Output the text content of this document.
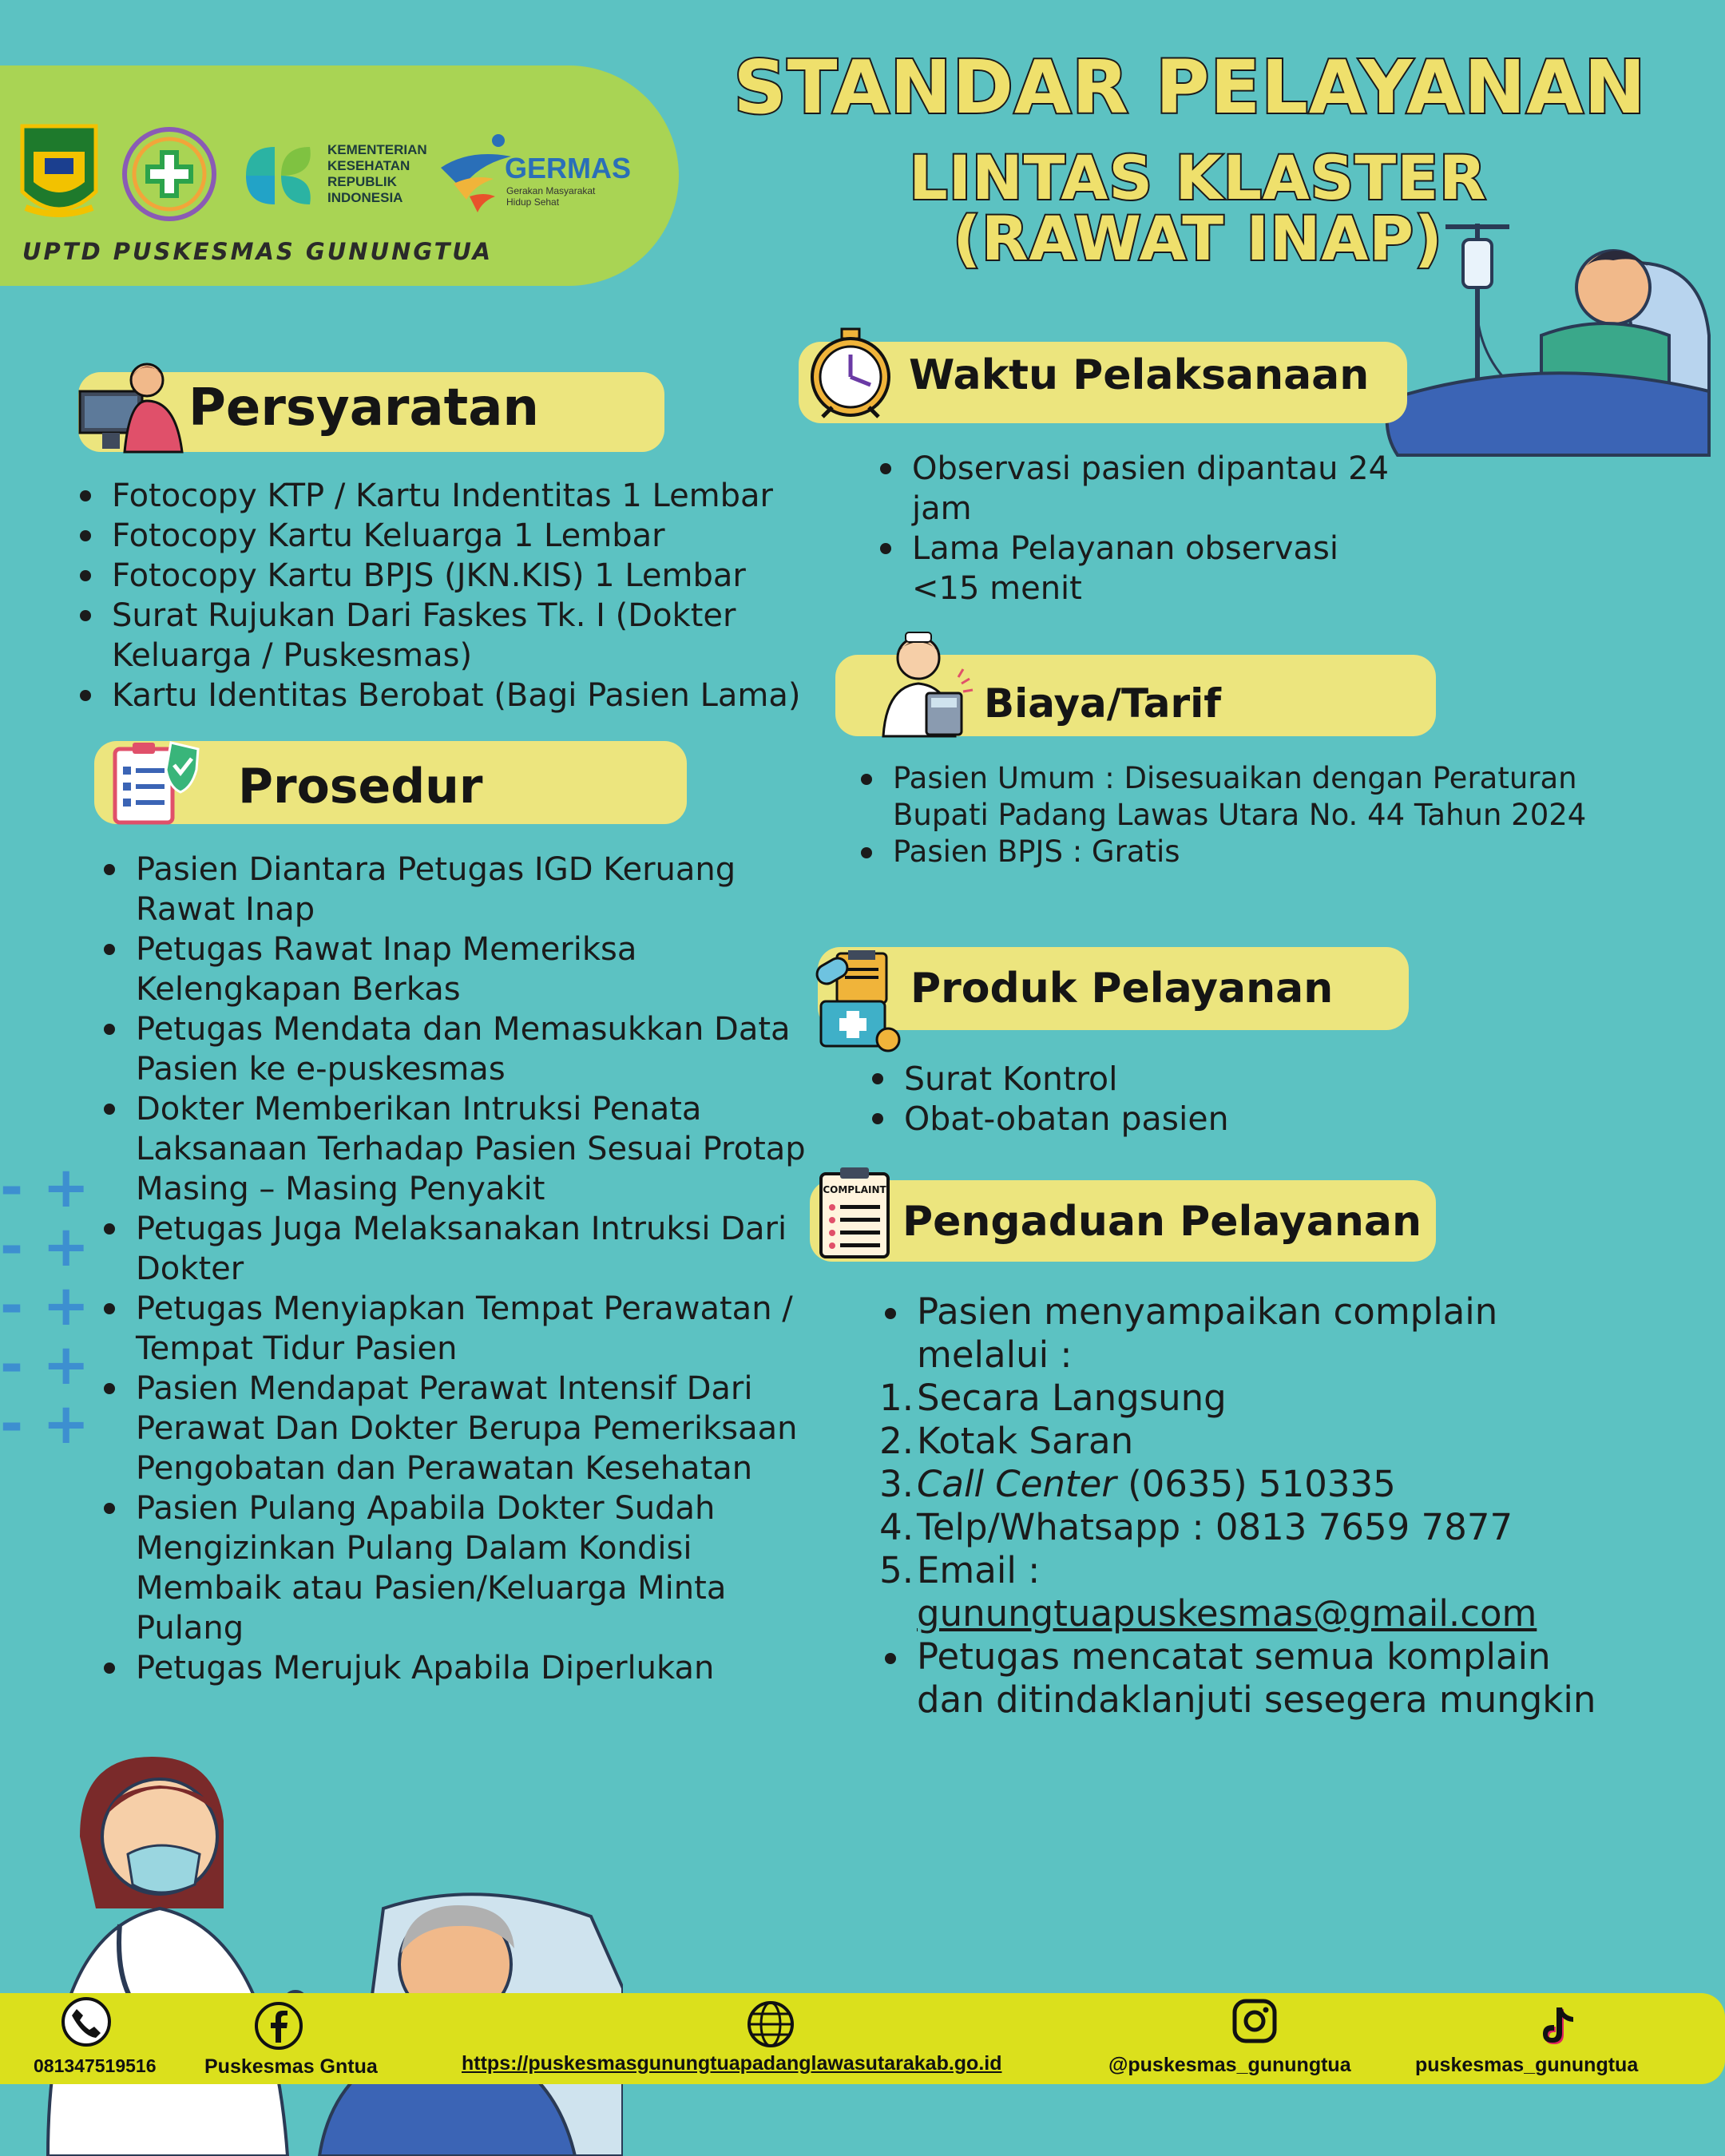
- +
- +
- +
- +
- +
KEMENTERIAN
KESEHATAN
REPUBLIK
INDONESIA
GERMAS
Gerakan Masyarakat
Hidup Sehat
UPTD PUSKESMAS GUNUNGTUA
STANDAR PELAYANAN
LINTAS KLASTER
(RAWAT INAP)
Persyaratan
Fotocopy KTP / Kartu Indentitas 1 Lembar
Fotocopy Kartu Keluarga 1 Lembar
Fotocopy Kartu BPJS (JKN.KIS) 1 Lembar
Surat Rujukan Dari Faskes Tk. I (Dokter Keluarga / Puskesmas)
Kartu Identitas Berobat (Bagi Pasien Lama)
Prosedur
Pasien Diantara Petugas IGD Keruang Rawat Inap
Petugas Rawat Inap Memeriksa Kelengkapan Berkas
Petugas Mendata dan Memasukkan Data Pasien ke e-puskesmas
Dokter Memberikan Intruksi Penata Laksanaan Terhadap Pasien Sesuai Protap Masing – Masing Penyakit
Petugas Juga Melaksanakan Intruksi Dari Dokter
Petugas Menyiapkan Tempat Perawatan / Tempat Tidur Pasien
Pasien Mendapat Perawat Intensif Dari Perawat Dan Dokter Berupa Pemeriksaan Pengobatan dan Perawatan Kesehatan
Pasien Pulang Apabila Dokter Sudah Mengizinkan Pulang Dalam Kondisi Membaik atau Pasien/Keluarga Minta Pulang
Petugas Merujuk Apabila Diperlukan
Waktu Pelaksanaan
Observasi pasien dipantau 24 jam
Lama Pelayanan observasi <15 menit
Biaya/Tarif
Pasien Umum : Disesuaikan dengan Peraturan Bupati Padang Lawas Utara No. 44 Tahun 2024
Pasien BPJS : Gratis
Produk Pelayanan
Surat Kontrol
Obat-obatan pasien
COMPLAINT
Pengaduan Pelayanan
Pasien menyampaikan complain melalui :
1. Secara Langsung
2. Kotak Saran
3. Call Center (0635) 510335
4. Telp/Whatsapp : 0813 7659 7877
5. Email :
gunungtuapuskesmas@gmail.com
Petugas mencatat semua komplain dan ditindaklanjuti sesegera mungkin
081347519516 Puskesmas Gntua	https://puskesmasgunungtuapadanglawasutarakab.go.id	@puskesmas_gunungtua	puskesmas_gunungtua
